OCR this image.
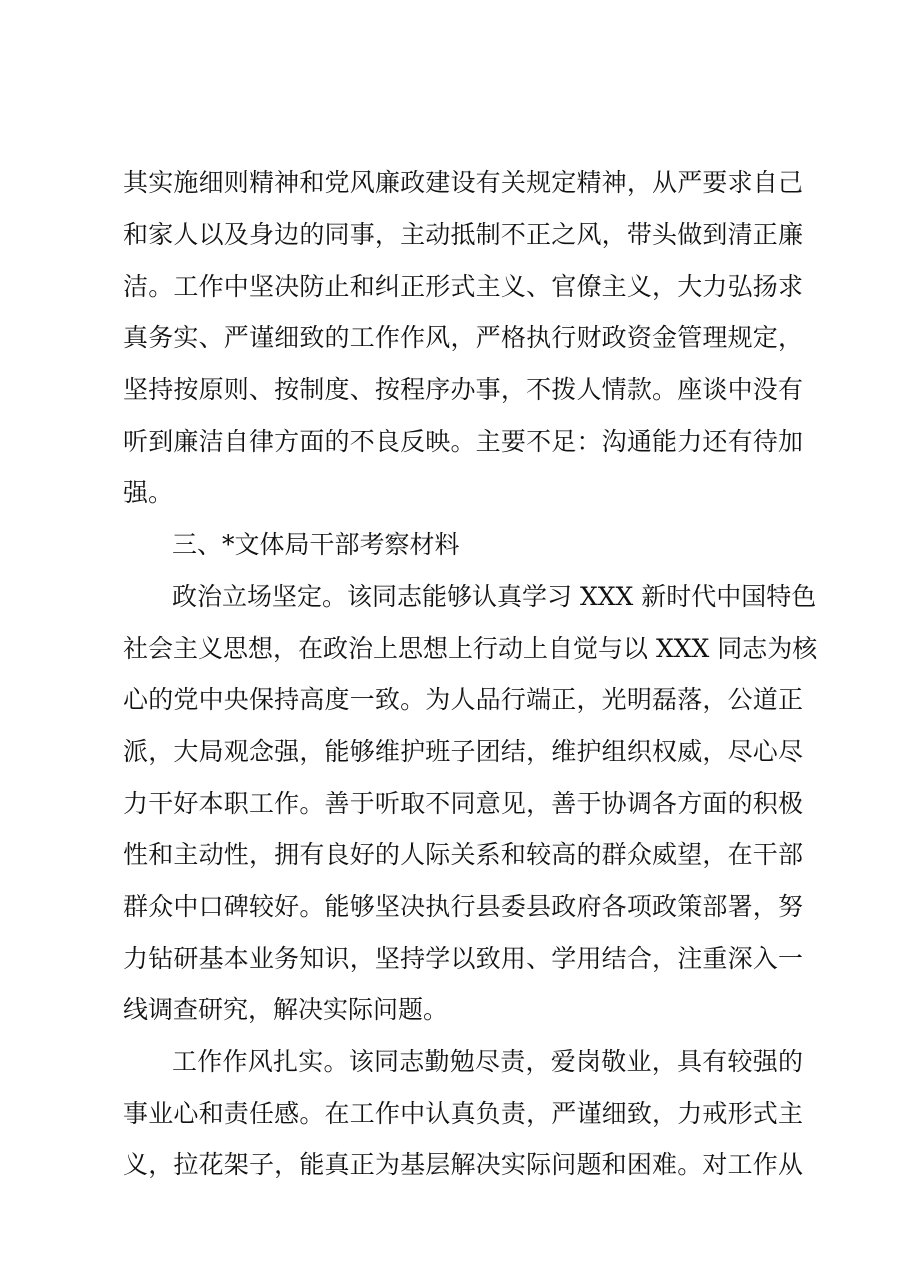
其实施细则精神和党风廉政建设有关规定精神，从严要求自己
和家人以及身边的同事，主动抵制不正之风，带头做到清正廉
洁。工作中坚决防止和纠正形式主义、官僚主义，大力弘扬求
真务实、严谨细致的工作作风，严格执行财政资金管理规定，
坚持按原则、按制度、按程序办事，不拨人情款。座谈中没有
听到廉洁自律方面的不良反映。主要不足：沟通能力还有待加
强。
三、*文体局干部考察材料
政治立场坚定。该同志能够认真学习 XXX 新时代中国特色
社会主义思想，在政治上思想上行动上自觉与以 XXX 同志为核
心的党中央保持高度一致。为人品行端正，光明磊落，公道正
派，大局观念强，能够维护班子团结，维护组织权威，尽心尽
力干好本职工作。善于听取不同意见，善于协调各方面的积极
性和主动性，拥有良好的人际关系和较高的群众威望，在干部
群众中口碑较好。能够坚决执行县委县政府各项政策部署，努
力钻研基本业务知识，坚持学以致用、学用结合，注重深入一
线调查研究，解决实际问题。
工作作风扎实。该同志勤勉尽责，爱岗敬业，具有较强的
事业心和责任感。在工作中认真负责，严谨细致，力戒形式主
义，拉花架子，能真正为基层解决实际问题和困难。对工作从
